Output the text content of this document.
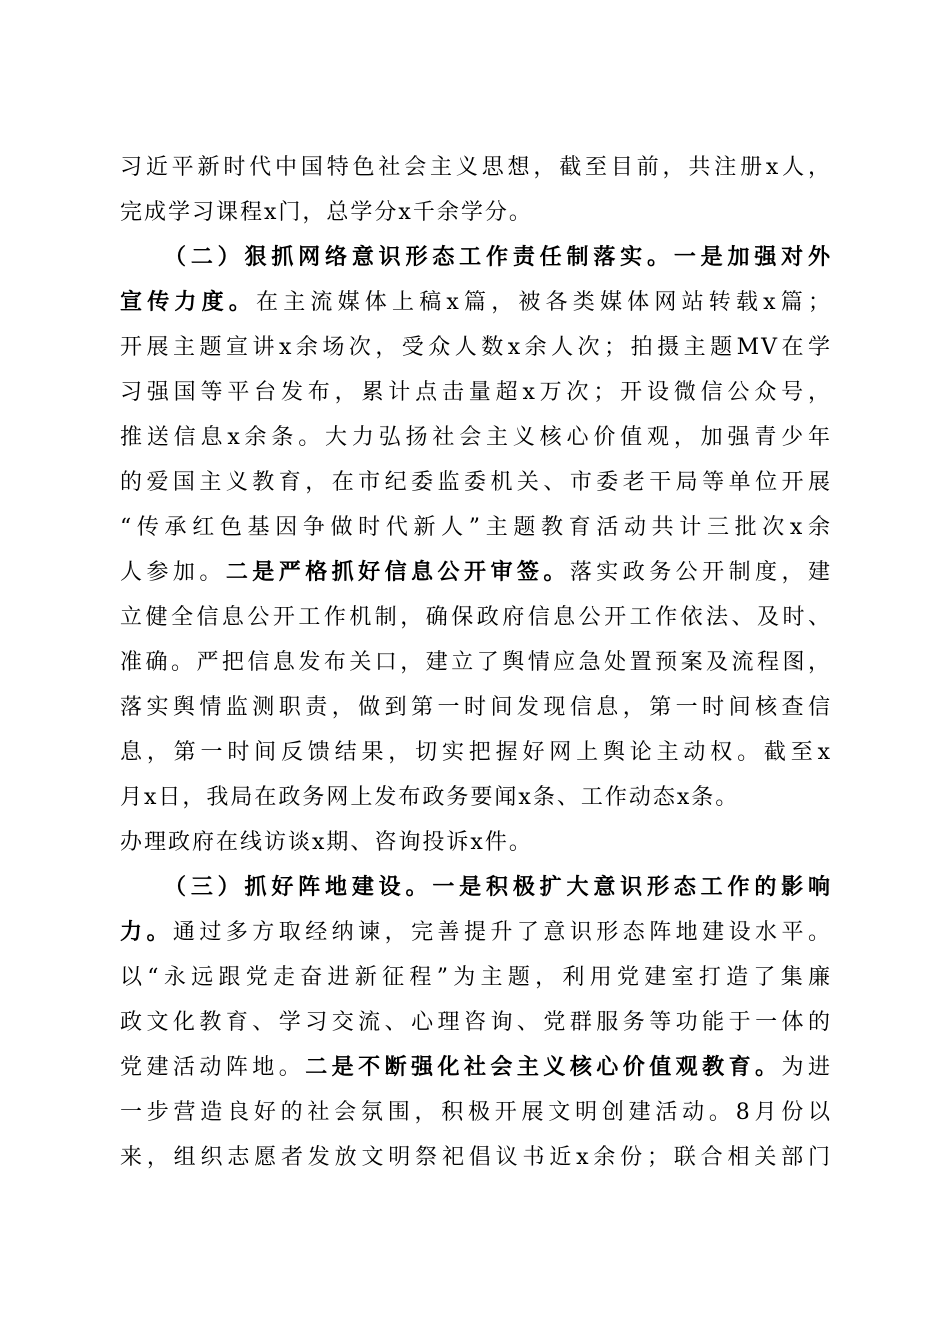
习近平新时代中国特色社会主义思想，截至目前，共注册x人，
完成学习课程x门，总学分x千余学分。
（二）狠抓网络意识形态工作责任制落实。一是加强对外
宣传力度。在主流媒体上稿x篇，被各类媒体网站转载x篇；
开展主题宣讲x余场次，受众人数x余人次；拍摄主题MV在学
习强国等平台发布，累计点击量超x万次；开设微信公众号，
推送信息x余条。大力弘扬社会主义核心价值观，加强青少年
的爱国主义教育，在市纪委监委机关、市委老干局等单位开展
“传承红色基因争做时代新人”主题教育活动共计三批次x余
人参加。二是严格抓好信息公开审签。落实政务公开制度，建
立健全信息公开工作机制，确保政府信息公开工作依法、及时、
准确。严把信息发布关口，建立了舆情应急处置预案及流程图，
落实舆情监测职责，做到第一时间发现信息，第一时间核查信
息，第一时间反馈结果，切实把握好网上舆论主动权。截至x
月x日，我局在政务网上发布政务要闻x条、工作动态x条。
办理政府在线访谈x期、咨询投诉x件。
（三）抓好阵地建设。一是积极扩大意识形态工作的影响
力。通过多方取经纳谏，完善提升了意识形态阵地建设水平。
以“永远跟党走奋进新征程”为主题，利用党建室打造了集廉
政文化教育、学习交流、心理咨询、党群服务等功能于一体的
党建活动阵地。二是不断强化社会主义核心价值观教育。为进
一步营造良好的社会氛围，积极开展文明创建活动。8月份以
来，组织志愿者发放文明祭祀倡议书近x余份；联合相关部门
